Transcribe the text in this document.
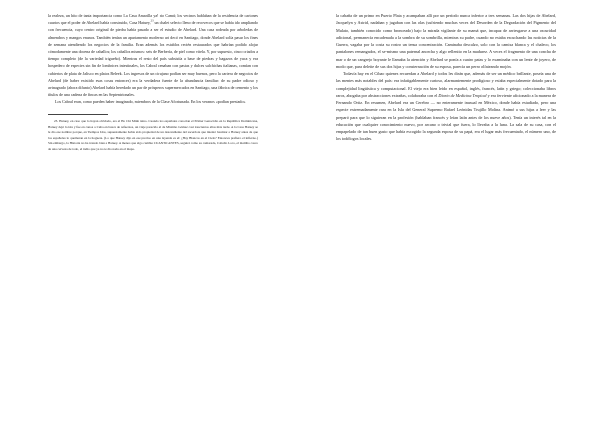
la realeza, un hito de tanta importancia como La Casa Amarilla ya! rio Camú; los vecinos hablaban de la residencia de cartones cuartos que el poder de Abelard había construido, Casa Hatuey,$^{23}$ un chalet selecto lleno de recovecos que se había ido ampliando con frecuencia, cuyo centro original de piedra había pasado a ser el estudio de Abelard. Una casa rodeada por arboledas de almendros y mangos enanos. También tenían un apartamento moderno art decó en Santiago, donde Abelard solía pasar los fines de semana atendiendo los negocios de la familia. Eran además los establos recién restaurados que habrían podido alojar cómodamente una docena de caballos; los caballos mismos: seis de Berbería, de piel como vitela. Y, por supuesto, cinco criados a tiempo completo (de la variedad trigueño). Mientras el resto del país subsistía a base de piedras y bagazos de yuca y era hospedero de especies sin fin de lombrices intestinales, los Cabral cenaban con pastas y dulces salchichas italianas, comían con cubiertos de plata de Jalisco en platos Beleek. Los ingresos de un cirujano podían ser muy buenos, pero la cartera de negocios de Abelard (de haber existido esas cosas entonces) era la verdadera fuente de la abundancia familiar: de su padre odioso y avinagrado (ahora difunto) Abelard había heredado un par de prósperos supermercados en Santiago, una fábrica de cemento y los títulos de una cadena de fincas en las Septentrionales.

Los Cabral eran, como pueden haber imaginado, miembros de la Clase Afortunada. En los veranos «podían prestado»

23. Hatuey, en caso que lo hayan olvidado, era el Ho Chi Minh taíno. Cuando los españoles conocían el Primer Genocidio en la República Dominicana, Hatuey dejó la isla y fue en canoa a Cuba en busca de refuerzos, un viaje parecido al de Máximo Gómez casi trescientos años más tarde. A la Casa Hatuey se le dio ese nombre porque, en Tiempos Idos, supuestamente había sido propiedad de un descendiente del sacerdote que intentó bautizar a Hatuey antes de que los españoles lo quemaran en la hoguera. (Lo que Hatuey dijo en ese preciso en una leyenda es el: ¿Hay Blancos en el Cielo? Entonces prefiero el infierno.) Sin embargo, la Historia no ha tratado bien a Hatuey. A menos que algo cambie CUANTO ANTES, seguirá como su camarada, Caballo Loco, el maldito casco de una cerveza de todo, el indio que ya no te dio nada en el mapa.

la cabaña de un primo en Puerto Plata y acampaban allí por un período nunca inferior a tres semanas. Las dos hijas de Abelard, Jacquelyn y Astrid, nadaban y jugaban con las olas (sufriendo muchas veces del Desorden de la Degradación del Pigmento del Mulato, también conocido como bronceado) bajo la mirada vigilante de su mamá que, incapaz de arriesgarse a una oscuridad adicional, permanecía encadenada a la sombra de su sombrilla, mientras su padre, cuando no estaba escuchando las noticias de la Guerra, vagaba por la costa su rostro un tensa concentración. Caminaba descalzo, solo con la camisa blanca y el chaleco, los pantalones remangados, el se-mismo una paternal anorcha y algo rellenito en la madurez. A veces el fragmento de una concha de mar o de un cangrejo boyante le llamaba la atención y Abelard se ponía a cuatro patas y lo examinaba con un lente de joyero, de modo que, para deleite de sus dos hijas y consternación de su esposa, parecía un perro olfateando mojón.

Todavía hay en el Cibao quienes recuerdan a Abelard y todos les dirán que, además de ser un médico brillante, poseía una de las mentes más notables del país: era infatigablemente curioso, alarmantemente prodigioso y estaba especialmente dotado para la complejidad lingüística y computacional. El viejo era bien leído en español, inglés, francés, latín y griego; coleccionaba libros raros, abogaba por abstracciones extrañas, colaboraba con el Diario de Medicina Tropical y era ferviente aficionado a la manera de Fernando Ortiz. En resumen, Abelard era un Cerebro — no enteramente inusual en México, donde había estudiado, pero una especie extremadamente rara en la Isla del General Supremo Rafael Leónidas Trujillo Molina. Animó a sus hijas a leer y las preparó para que lo siguieran en la profesión (hablaban francés y leían latín antes de los nueve años). Tenía un interés tal en la educación que cualquier conocimiento nuevo, por arcano o trivial que fuera, lo llevaba a la luna. La sala de su casa, con el empapelado de tan buen gusto que había escogido la segunda esposa de su papá, era el lugar más frecuentado, el número uno, de los todólogos locales.
